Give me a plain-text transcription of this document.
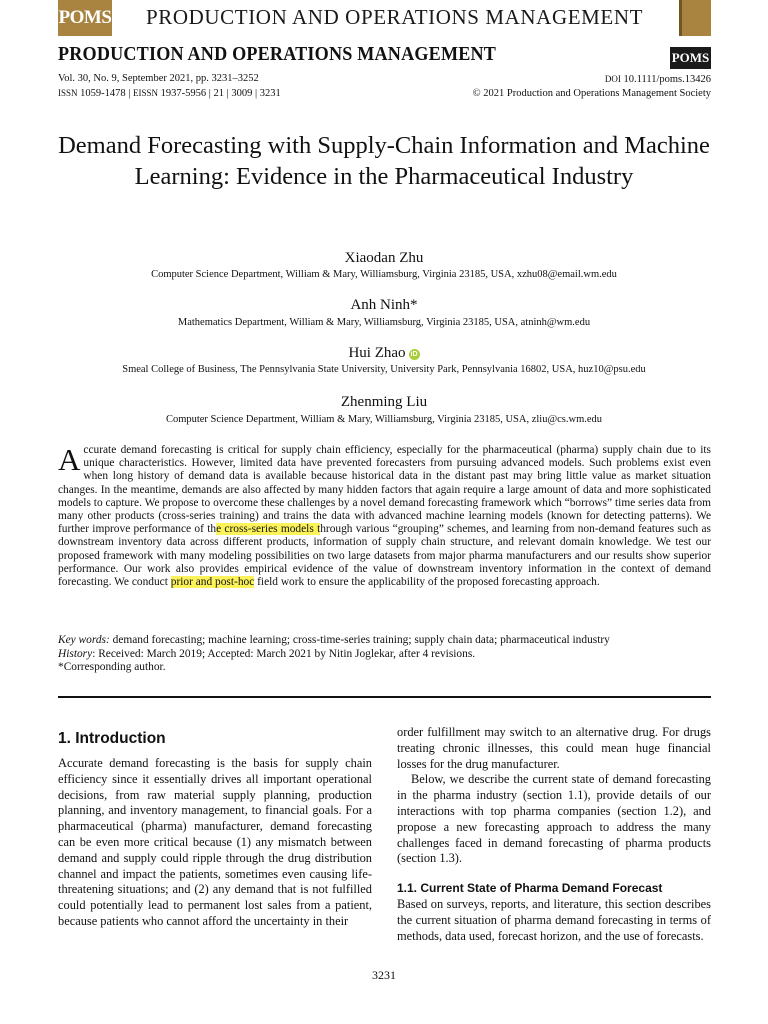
POMS PRODUCTION AND OPERATIONS MANAGEMENT
PRODUCTION AND OPERATIONS MANAGEMENT	POMS
Vol. 30, No. 9, September 2021, pp. 3231–3252
ISSN 1059-1478 | EISSN 1937-5956 | 21 | 3009 | 3231
DOI 10.1111/poms.13426
© 2021 Production and Operations Management Society
Demand Forecasting with Supply-Chain Information and Machine Learning: Evidence in the Pharmaceutical Industry
Xiaodan Zhu
Computer Science Department, William & Mary, Williamsburg, Virginia 23185, USA, xzhu08@email.wm.edu
Anh Ninh*
Mathematics Department, William & Mary, Williamsburg, Virginia 23185, USA, atninh@wm.edu
Hui Zhao iD
Smeal College of Business, The Pennsylvania State University, University Park, Pennsylvania 16802, USA, huz10@psu.edu
Zhenming Liu
Computer Science Department, William & Mary, Williamsburg, Virginia 23185, USA, zliu@cs.wm.edu
Accurate demand forecasting is critical for supply chain efficiency, especially for the pharmaceutical (pharma) supply chain due to its unique characteristics. However, limited data have prevented forecasters from pursuing advanced models. Such problems exist even when long history of demand data is available because historical data in the distant past may bring little value as market situation changes. In the meantime, demands are also affected by many hidden factors that again require a large amount of data and more sophisticated models to capture. We propose to overcome these challenges by a novel demand forecasting framework which “borrows” time series data from many other products (cross-series training) and trains the data with advanced machine learning models (known for detecting patterns). We further improve performance of the cross-series models through various “grouping” schemes, and learning from non-demand features such as downstream inventory data across different products, information of supply chain structure, and relevant domain knowledge. We test our proposed framework with many modeling possibilities on two large datasets from major pharma manufacturers and our results show superior performance. Our work also provides empirical evidence of the value of downstream inventory information in the context of demand forecasting. We conduct prior and post-hoc field work to ensure the applicability of the proposed forecasting approach.
Key words: demand forecasting; machine learning; cross-time-series training; supply chain data; pharmaceutical industry
History: Received: March 2019; Accepted: March 2021 by Nitin Joglekar, after 4 revisions.
*Corresponding author.
1. Introduction

Accurate demand forecasting is the basis for supply chain efficiency since it essentially drives all important operational decisions, from raw material supply planning, production planning, and inventory management, to financial goals. For a pharmaceutical (pharma) manufacturer, demand forecasting can be even more critical because (1) any mismatch between demand and supply could ripple through the drug distribution channel and impact the patients, sometimes even causing life-threatening situations; and (2) any demand that is not fulfilled could potentially lead to permanent lost sales from a patient, because patients who cannot afford the uncertainty in their

order fulfillment may switch to an alternative drug. For drugs treating chronic illnesses, this could mean huge financial losses for the drug manufacturer.

Below, we describe the current state of demand forecasting in the pharma industry (section 1.1), provide details of our interactions with top pharma companies (section 1.2), and propose a new forecasting approach to address the many challenges faced in demand forecasting of pharma products (section 1.3).

1.1. Current State of Pharma Demand Forecast

Based on surveys, reports, and literature, this section describes the current situation of pharma demand forecasting in terms of methods, data used, forecast horizon, and the use of forecasts.

3231
